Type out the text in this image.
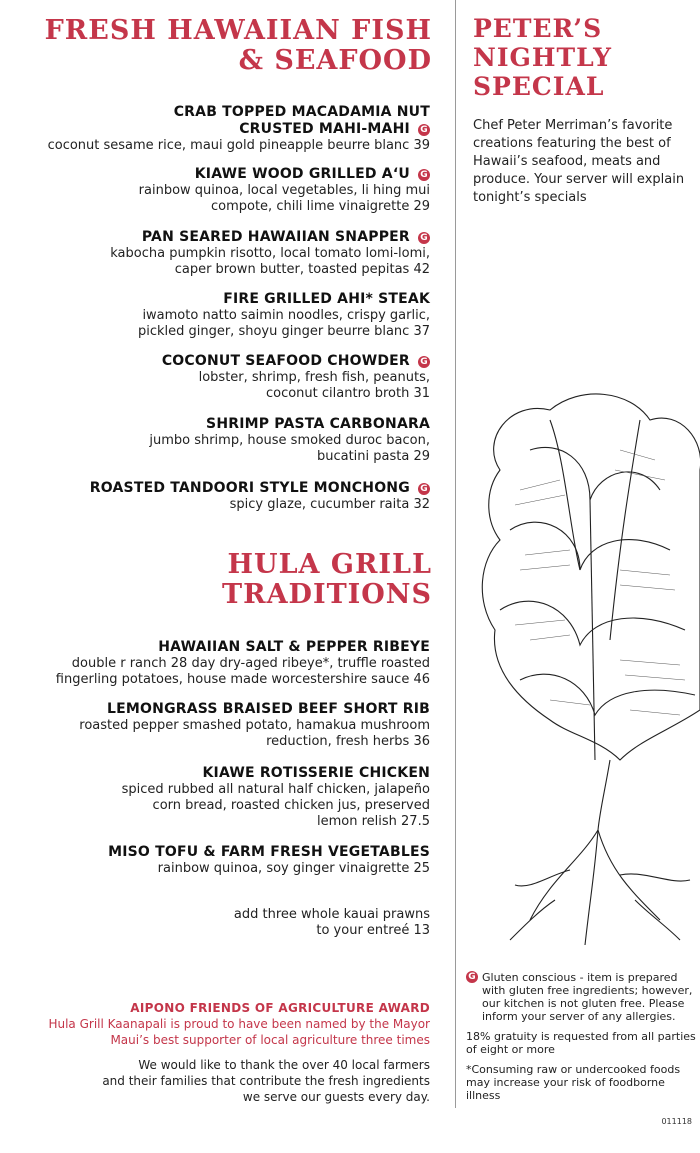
FRESH HAWAIIAN FISH
& SEAFOOD
CRAB TOPPED MACADAMIA NUT
CRUSTED MAHI-MAHI G
coconut sesame rice, maui gold pineapple beurre blanc 39
KIAWE WOOD GRILLED A‘U G
rainbow quinoa, local vegetables, li hing mui
compote, chili lime vinaigrette 29
PAN SEARED HAWAIIAN SNAPPER G
kabocha pumpkin risotto, local tomato lomi-lomi,
caper brown butter, toasted pepitas 42
FIRE GRILLED AHI* STEAK
iwamoto natto saimin noodles, crispy garlic,
pickled ginger, shoyu ginger beurre blanc 37
COCONUT SEAFOOD CHOWDER G
lobster, shrimp, fresh fish, peanuts,
coconut cilantro broth 31
SHRIMP PASTA CARBONARA
jumbo shrimp, house smoked duroc bacon,
bucatini pasta 29
ROASTED TANDOORI STYLE MONCHONG G
spicy glaze, cucumber raita 32
HULA GRILL
TRADITIONS
HAWAIIAN SALT & PEPPER RIBEYE
double r ranch 28 day dry-aged ribeye*, truffle roasted
fingerling potatoes, house made worcestershire sauce 46
LEMONGRASS BRAISED BEEF SHORT RIB
roasted pepper smashed potato, hamakua mushroom
reduction, fresh herbs 36
KIAWE ROTISSERIE CHICKEN
spiced rubbed all natural half chicken, jalapeño
corn bread, roasted chicken jus, preserved
lemon relish 27.5
MISO TOFU & FARM FRESH VEGETABLES
rainbow quinoa, soy ginger vinaigrette 25
add three whole kauai prawns
to your entreé 13
AIPONO FRIENDS OF AGRICULTURE AWARD
Hula Grill Kaanapali is proud to have been named by the Mayor
Maui’s best supporter of local agriculture three times
We would like to thank the over 40 local farmers
and their families that contribute the fresh ingredients
we serve our guests every day.
PETER’S
NIGHTLY
SPECIAL
Chef Peter Merriman’s favorite creations featuring the best of Hawaii’s seafood, meats and produce. Your server will explain tonight’s specials

G Gluten conscious - item is prepared with gluten free ingredients; however, our kitchen is not gluten free. Please inform your server of any allergies.

18% gratuity is requested from all parties of eight or more

*Consuming raw or undercooked foods may increase your risk of foodborne illness

011118
